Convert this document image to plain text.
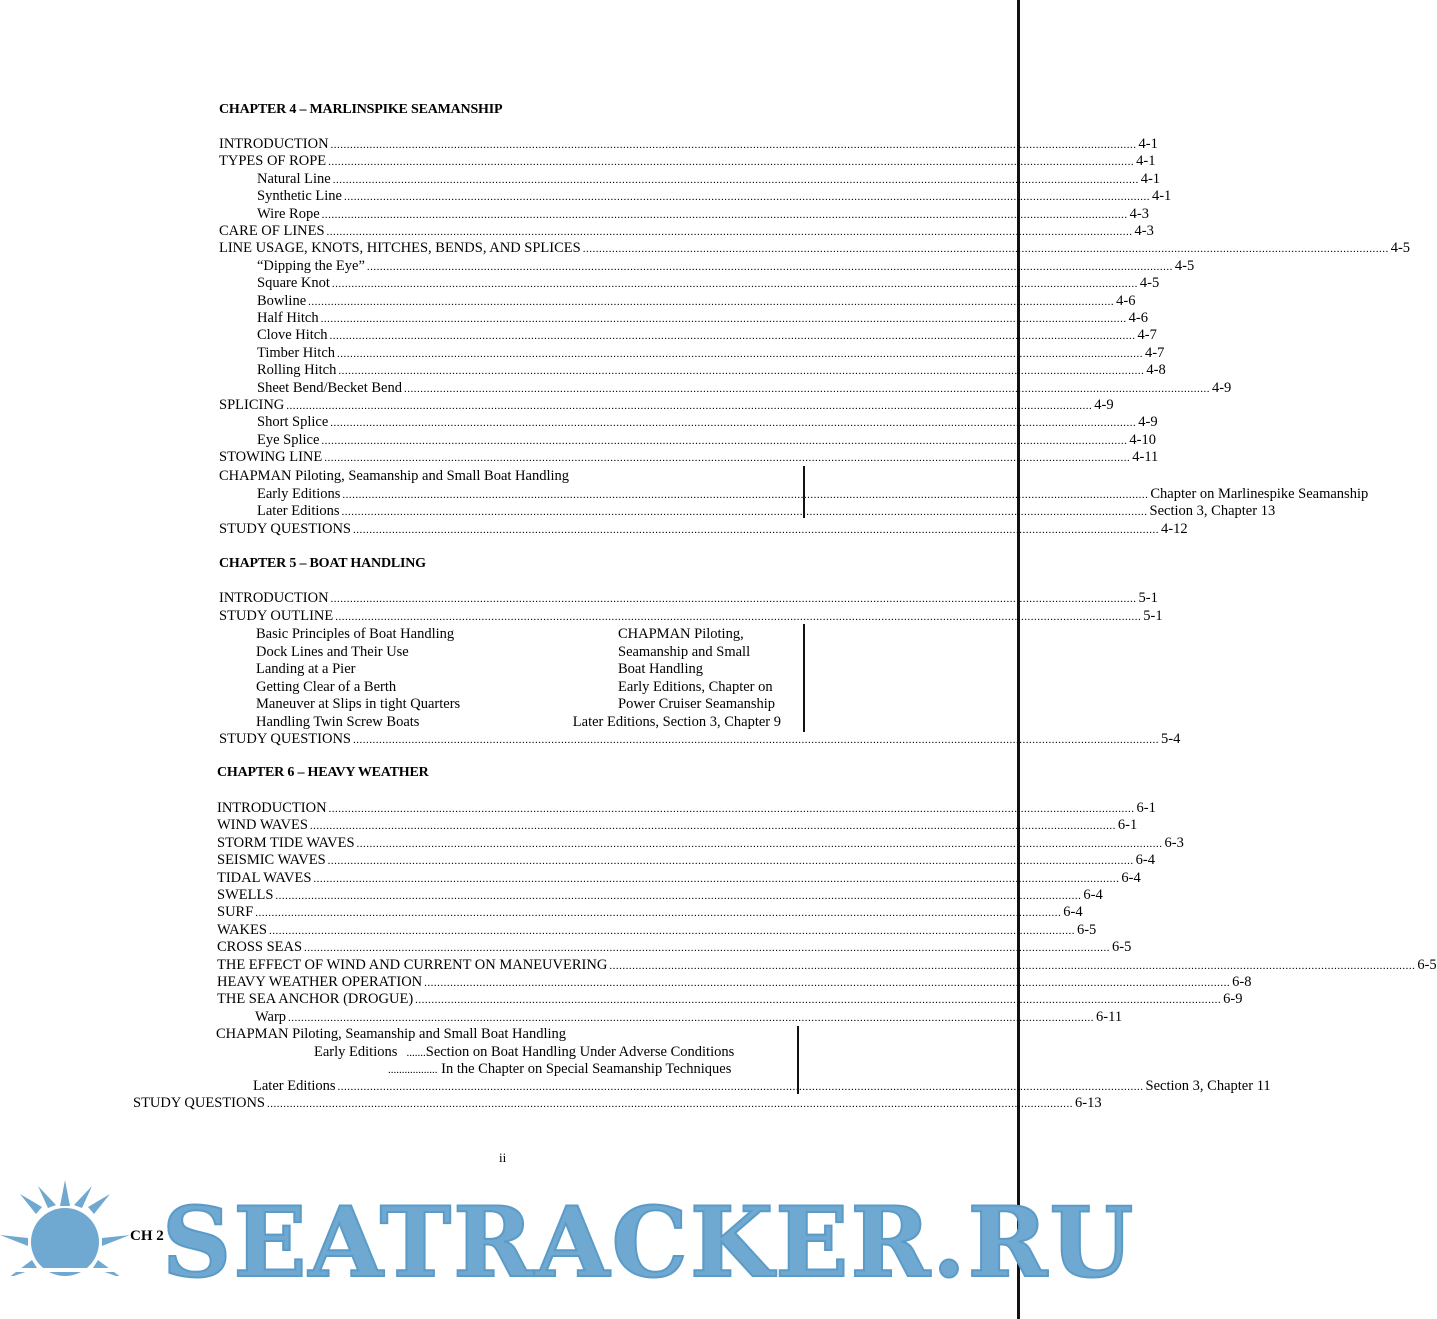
CHAPTER 4 – MARLINSPIKE SEAMANSHIP
INTRODUCTION .....	4-1
TYPES OF ROPE .....	4-1
Natural Line .....	4-1
Synthetic Line .....	4-1
Wire Rope .....	4-3
CARE OF LINES .....	4-3
LINE USAGE, KNOTS, HITCHES, BENDS, AND SPLICES .....	4-5
“Dipping the Eye” .....	4-5
Square Knot .....	4-5
Bowline .....	4-6
Half Hitch .....	4-6
Clove Hitch .....	4-7
Timber Hitch .....	4-7
Rolling Hitch .....	4-8
Sheet Bend/Becket Bend .....	4-9
SPLICING .....	4-9
Short Splice .....	4-9
Eye Splice .....	4-10
STOWING LINE .....	4-11
CHAPMAN Piloting, Seamanship and Small Boat Handling
Early Editions .....	Chapter on Marlinespike Seamanship
Later Editions .....	Section 3, Chapter 13
STUDY QUESTIONS .....	4-12
CHAPTER 5 – BOAT HANDLING
INTRODUCTION .....	5-1
STUDY OUTLINE .....	5-1
Basic Principles of Boat Handling	CHAPMAN Piloting,
Dock Lines and Their Use	Seamanship and Small
Landing at a Pier	Boat Handling
Getting Clear of a Berth	Early Editions, Chapter on
Maneuver at Slips in tight Quarters	Power Cruiser Seamanship
Handling Twin Screw Boats	Later Editions, Section 3, Chapter 9
STUDY QUESTIONS .....	5-4
CHAPTER 6 – HEAVY WEATHER
INTRODUCTION .....	6-1
WIND WAVES .....	6-1
STORM TIDE WAVES .....	6-3
SEISMIC WAVES .....	6-4
TIDAL WAVES .....	6-4
SWELLS .....	6-4
SURF .....	6-4
WAKES .....	6-5
CROSS SEAS .....	6-5
THE EFFECT OF WIND AND CURRENT ON MANEUVERING .....	6-5
HEAVY WEATHER OPERATION .....	6-8
THE SEA ANCHOR (DROGUE) .....	6-9
Warp .....	6-11
CHAPMAN Piloting, Seamanship and Small Boat Handling
Early Editions   .......Section on Boat Handling Under Adverse Conditions
.................. In the Chapter on Special Seamanship Techniques
Later Editions .....	Section 3, Chapter 11
STUDY QUESTIONS .....	6-13
ii
CH 2
SEATRACKER.RU
